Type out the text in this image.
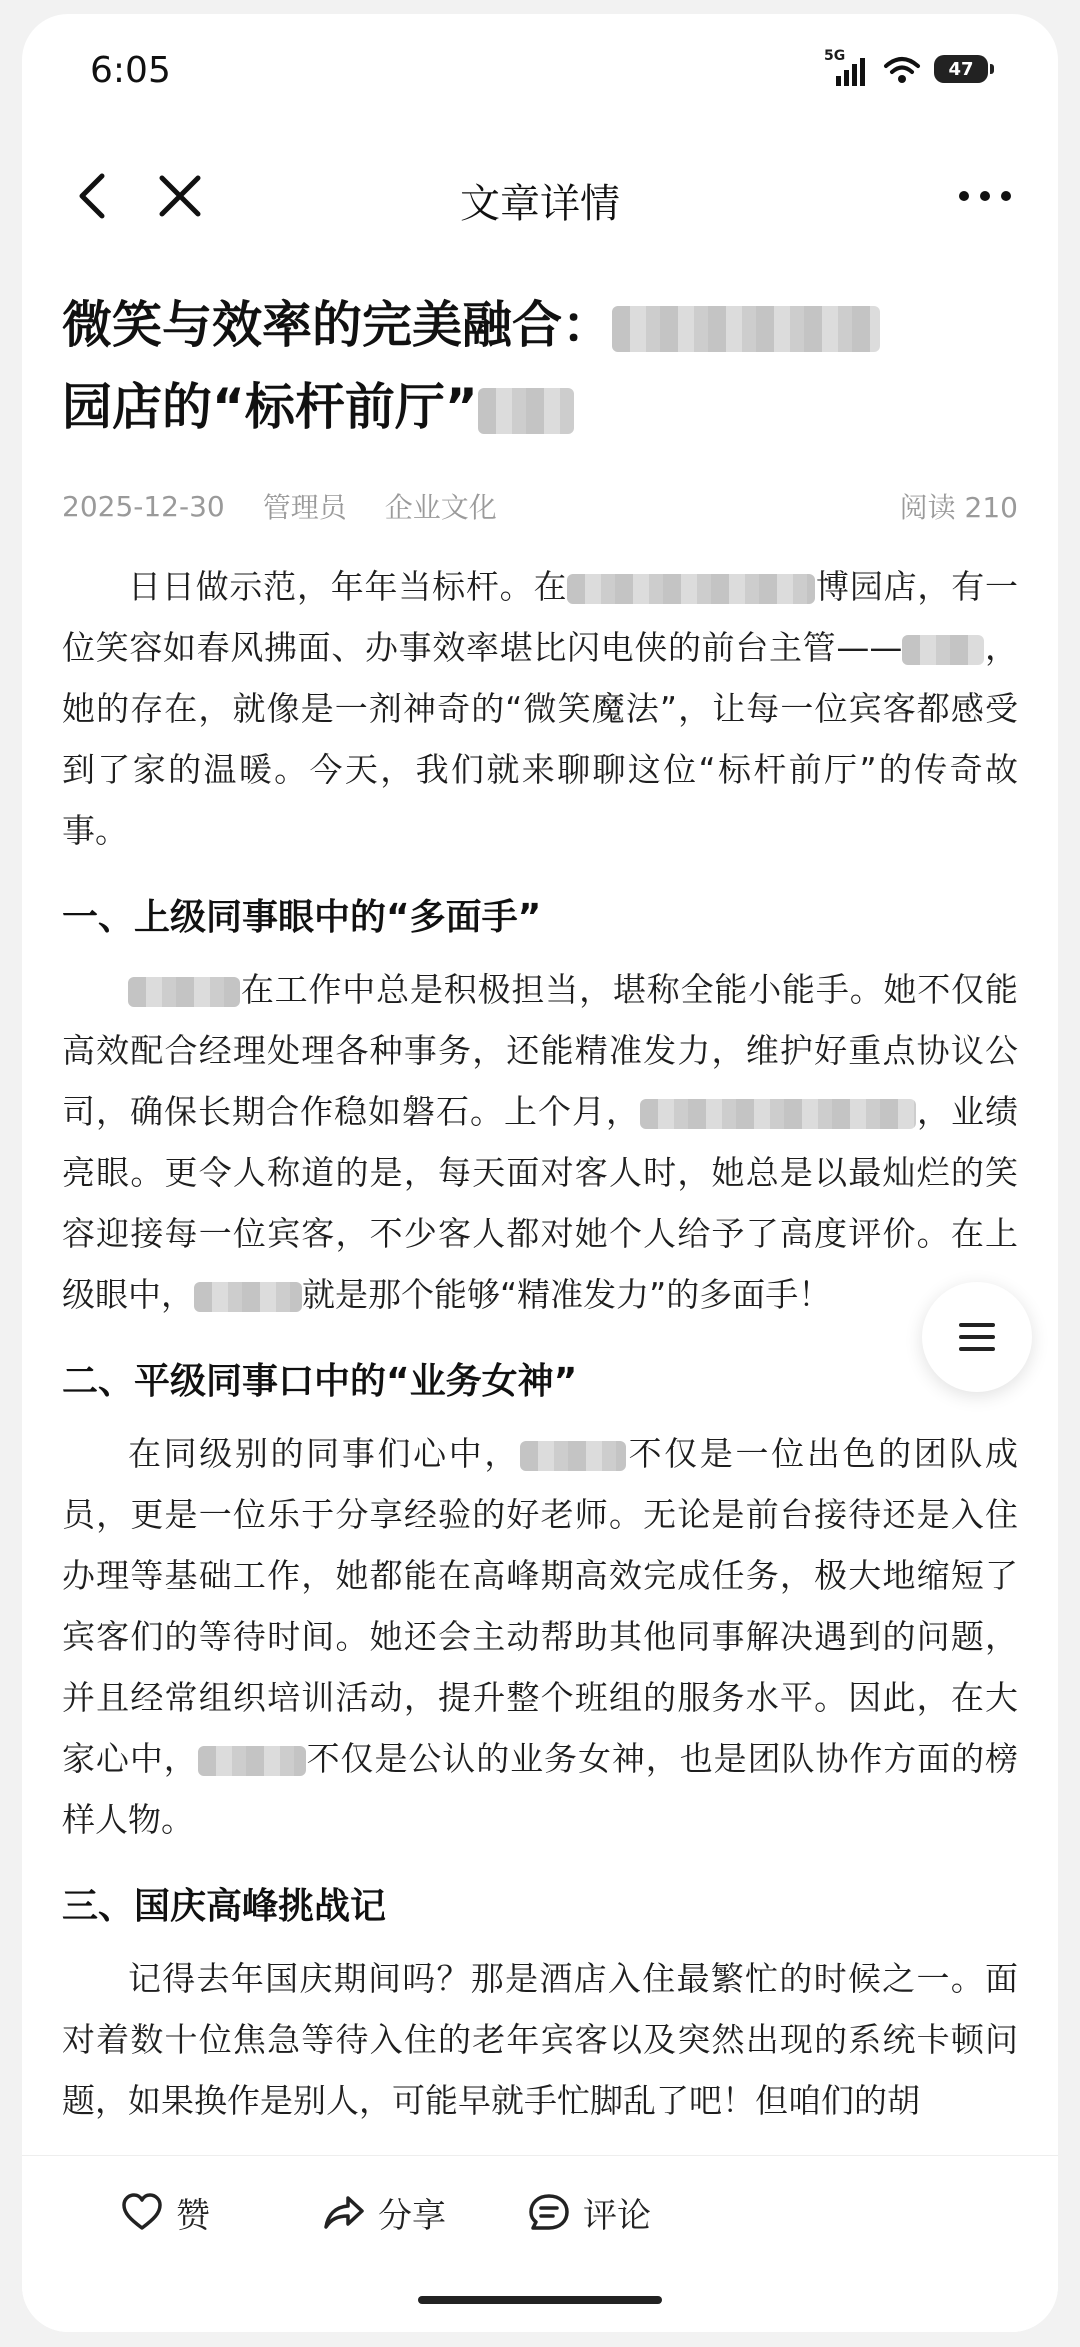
6:05	5G
47
文章详情
微笑与效率的完美融合：
园店的“标杆前厅”
2025-12-30 管理员 企业文化	阅读 210

日日做示范，年年当标杆。在	博园店，有一位笑容如春风拂面、办事效率堪比闪电侠的前台主管—— ，她的存在，就像是一剂神奇的“微笑魔法”，让每一位宾客都感受到了家的温暖。今天，我们就来聊聊这位“标杆前厅”的传奇故事。

一、上级同事眼中的“多面手”

在工作中总是积极担当，堪称全能小能手。她不仅能高效配合经理处理各种事务，还能精准发力，维护好重点协议公司，确保长期合作稳如磐石。上个月，	，业绩亮眼。更令人称道的是，每天面对客人时，她总是以最灿烂的笑容迎接每一位宾客，不少客人都对她个人给予了高度评价。在上级眼中，	就是那个能够“精准发力”的多面手！

二、平级同事口中的“业务女神”

在同级别的同事们心中，	不仅是一位出色的团队成员，更是一位乐于分享经验的好老师。无论是前台接待还是入住办理等基础工作，她都能在高峰期高效完成任务，极大地缩短了宾客们的等待时间。她还会主动帮助其他同事解决遇到的问题，并且经常组织培训活动，提升整个班组的服务水平。因此，在大家心中，	不仅是公认的业务女神，也是团队协作方面的榜样人物。

三、国庆高峰挑战记

记得去年国庆期间吗？那是酒店入住最繁忙的时候之一。面对着数十位焦急等待入住的老年宾客以及突然出现的系统卡顿问题，如果换作是别人，可能早就手忙脚乱了吧！但咱们的胡

赞	分享	评论
